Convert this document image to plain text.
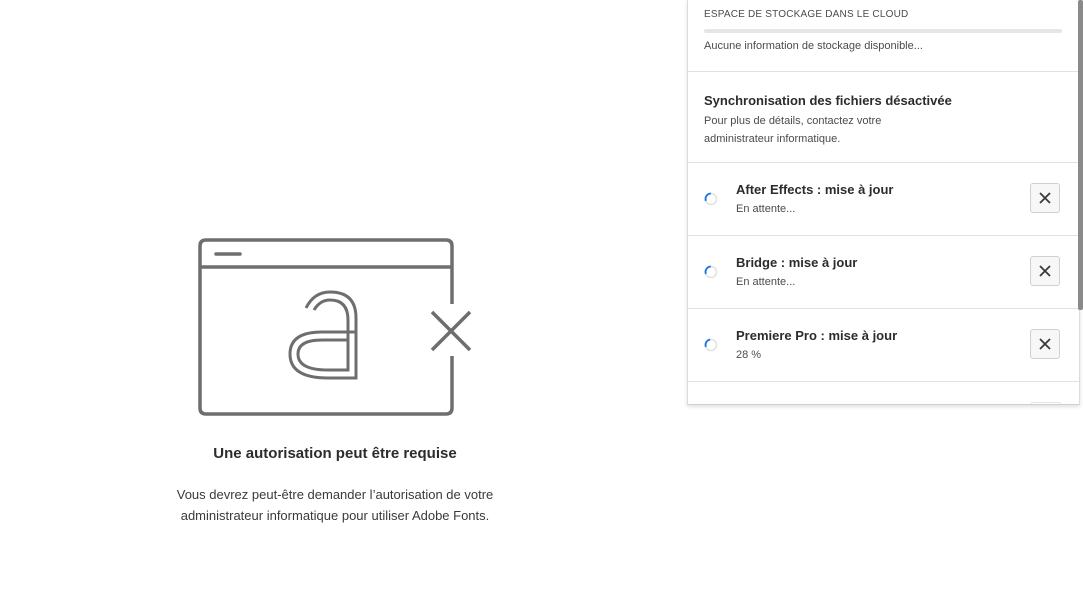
Une autorisation peut être requise
Vous devrez peut-être demander l’autorisation de votre
administrateur informatique pour utiliser Adobe Fonts.
ESPACE DE STOCKAGE DANS LE CLOUD
Aucune information de stockage disponible...
Synchronisation des fichiers désactivée
Pour plus de détails, contactez votre
administrateur informatique.
After Effects : mise à jour
En attente...
Bridge : mise à jour
En attente...
Premiere Pro : mise à jour
28 %
